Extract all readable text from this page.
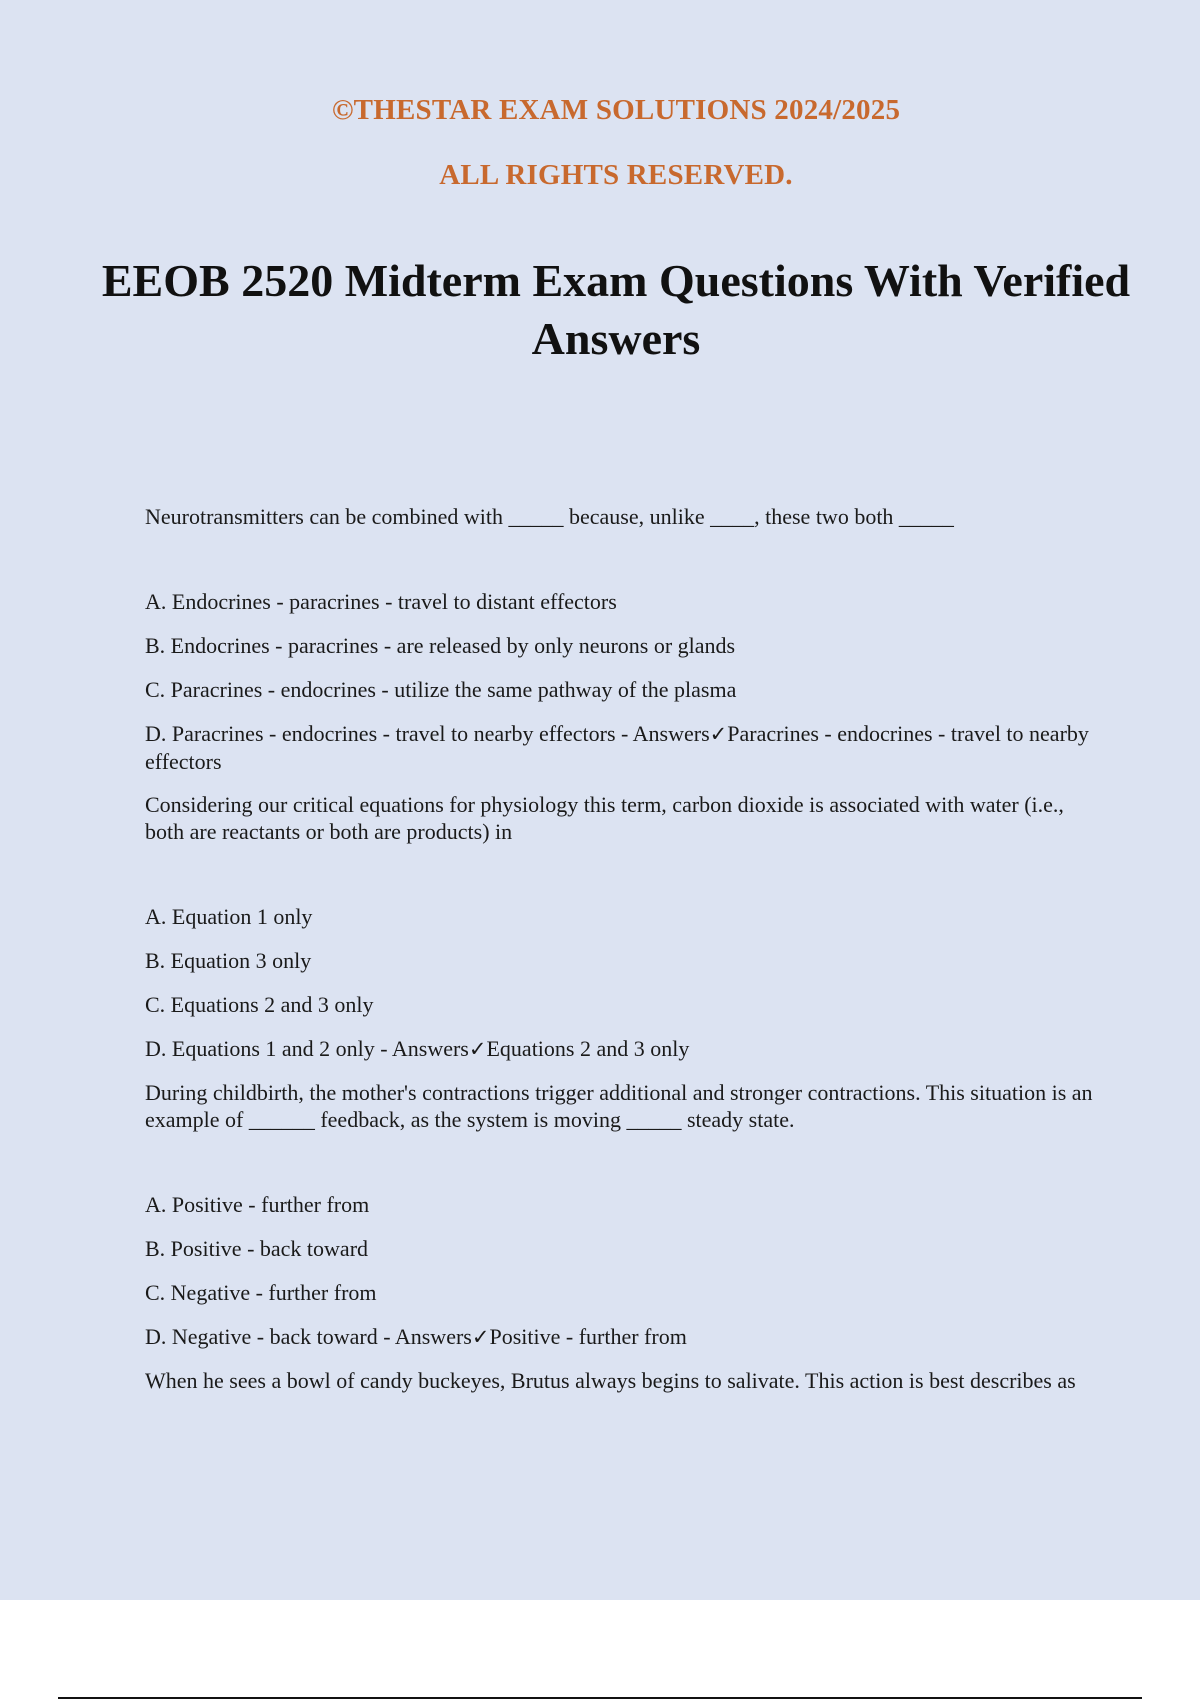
©THESTAR EXAM SOLUTIONS 2024/2025

ALL RIGHTS RESERVED.

EEOB 2520 Midterm Exam Questions With Verified Answers

Neurotransmitters can be combined with _____ because, unlike ____, these two both _____

A. Endocrines - paracrines - travel to distant effectors

B. Endocrines - paracrines - are released by only neurons or glands

C. Paracrines - endocrines - utilize the same pathway of the plasma

D. Paracrines - endocrines - travel to nearby effectors - Answers✓Paracrines - endocrines - travel to nearby effectors

Considering our critical equations for physiology this term, carbon dioxide is associated with water (i.e., both are reactants or both are products) in

A. Equation 1 only

B. Equation 3 only

C. Equations 2 and 3 only

D. Equations 1 and 2 only - Answers✓Equations 2 and 3 only

During childbirth, the mother's contractions trigger additional and stronger contractions. This situation is an example of ______ feedback, as the system is moving _____ steady state.

A. Positive - further from

B. Positive - back toward

C. Negative - further from

D. Negative - back toward - Answers✓Positive - further from

When he sees a bowl of candy buckeyes, Brutus always begins to salivate. This action is best describes as
